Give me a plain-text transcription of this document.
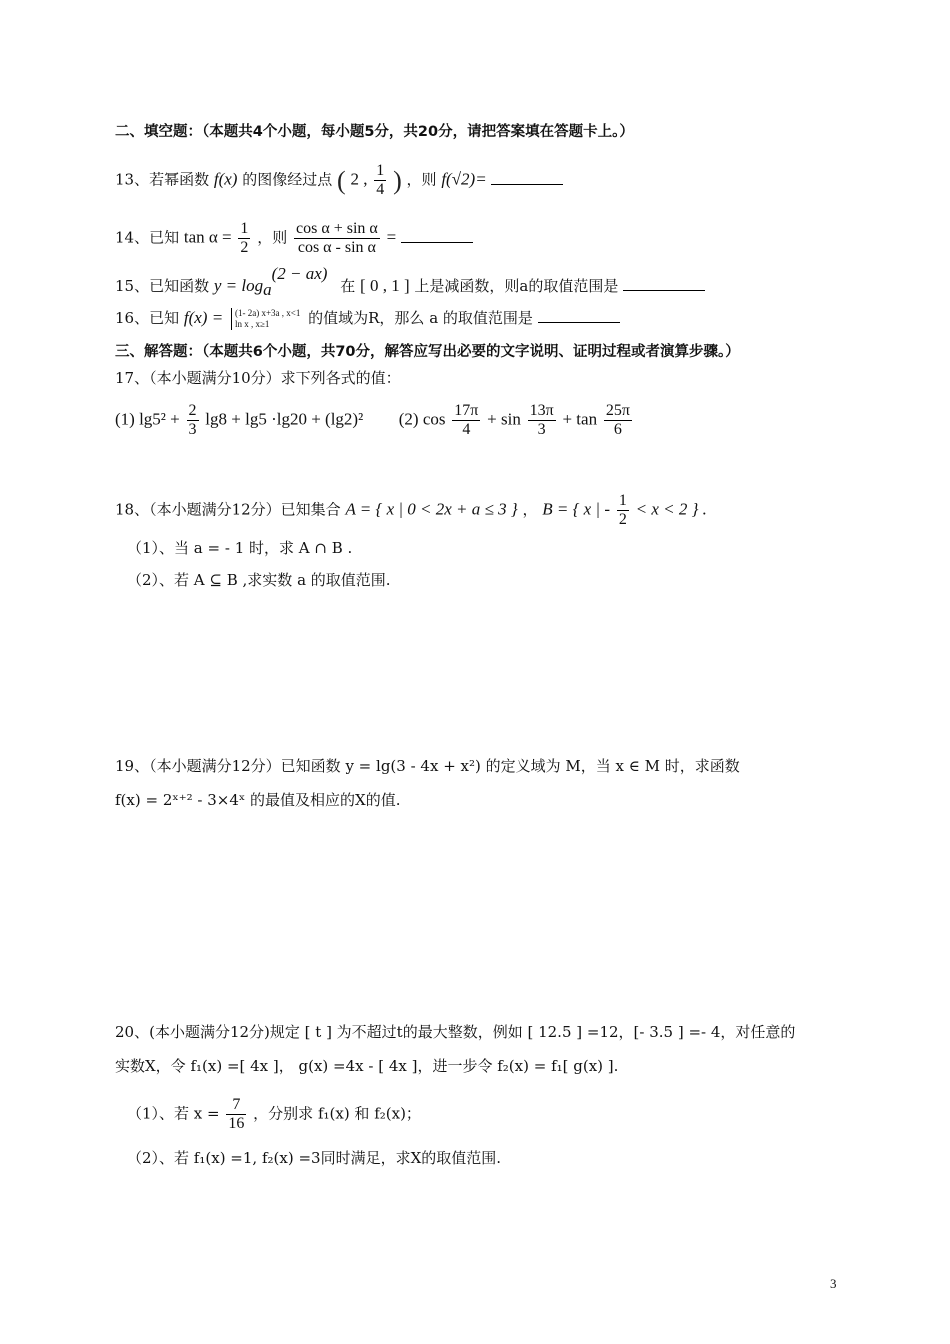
二、填空题：（本题共4个小题，每小题5分，共20分，请把答案填在答题卡上。）
13、若幂函数 f(x) 的图像经过点 ( 2 , $\frac{1}{4}$ ) ，则 f(√2)=
14、已知 $\tan \alpha = \frac{1}{2}$ ，则 $\frac{\text{cos α + sin α}}{\text{cos α - sin α}}$ =
15、已知函数 $y = \log_a^{(2 - ax)}$ 在 [ 0 , 1 ] 上是减函数，则a的取值范围是
16、已知 f(x) = (1- 2a) x+3a , x<1
ln x , x≥1	的值域为R，那么 a 的取值范围是
三、解答题：（本题共6个小题，共70分，解答应写出必要的文字说明、证明过程或者演算步骤。）
17、（本小题满分10分）求下列各式的值：
(1) $\lg 5^2 + \frac{2}{3} \lg 8 + \lg 5 \cdot\lg 20 + (\lg 2)^2$ (2) $\cos \frac{17\pi}{4} + \sin \frac{13\pi}{3} + \tan \frac{25\pi}{6}$
18、（本小题满分12分）已知集合 A = { x | 0 < 2x + a ≤ 3 } ， B = { x | - $\frac{1}{2} < x < 2$ } .
（1）、当 a = - 1 时，求 A ∩ B .
（2）、若 A ⊆ B ,求实数 a 的取值范围.
19、（本小题满分12分）已知函数 y = lg(3 - 4x + x²) 的定义域为 M，当 x ∈ M 时，求函数
f(x) = 2ˣ⁺² - 3×4ˣ 的最值及相应的X的值.
20、(本小题满分12分)规定 [ t ] 为不超过t的最大整数，例如 [ 12.5 ] =12，[- 3.5 ] =- 4，对任意的
实数X，令 f₁(x) =[ 4x ]， g(x) =4x - [ 4x ]，进一步令 f₂(x) = f₁[ g(x) ].
（1）、若 $x = \frac{7}{16}$ ，分别求 f₁(x) 和 f₂(x)；
（2）、若 f₁(x) =1, f₂(x) =3同时满足，求X的取值范围.
3
